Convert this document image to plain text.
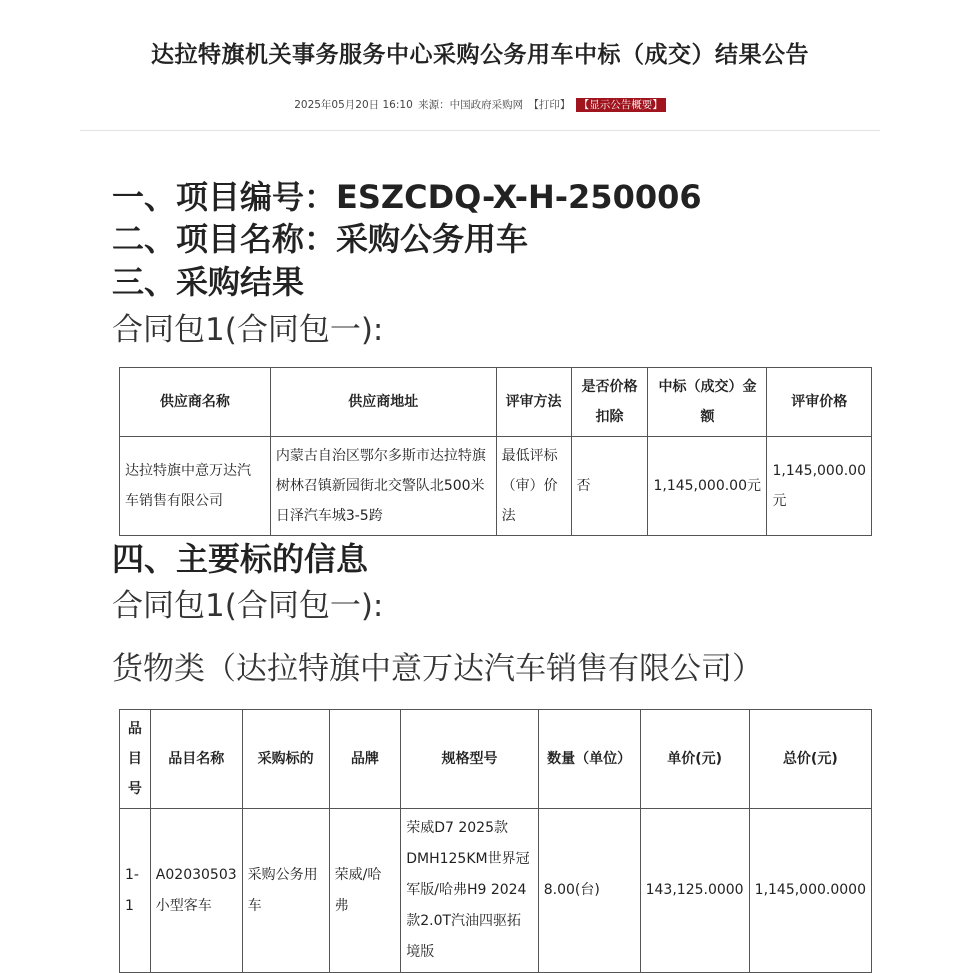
达拉特旗机关事务服务中心采购公务用车中标（成交）结果公告
2025年05月20日 16:10 来源：中国政府采购网 【打印】 【显示公告概要】
一、项目编号：ESZCDQ-X-H-250006
二、项目名称：采购公务用车
三、采购结果
合同包1(合同包一):
供应商名称	供应商地址	评审方法	是否价格扣除	中标（成交）金额	评审价格
达拉特旗中意万达汽车销售有限公司	内蒙古自治区鄂尔多斯市达拉特旗树林召镇新园街北交警队北500米日泽汽车城3-5跨	最低评标（审）价法	否	1,145,000.00元	1,145,000.00元
四、主要标的信息
合同包1(合同包一):
货物类（达拉特旗中意万达汽车销售有限公司）
品目号	品目名称	采购标的	品牌	规格型号	数量（单位）	单价(元)	总价(元)
1-1	A02030503小型客车	采购公务用车	荣威/哈弗	荣威D7 2025款DMH125KM世界冠军版/哈弗H9 2024款2.0T汽油四驱拓境版	8.00(台)	143,125.0000	1,145,000.0000
